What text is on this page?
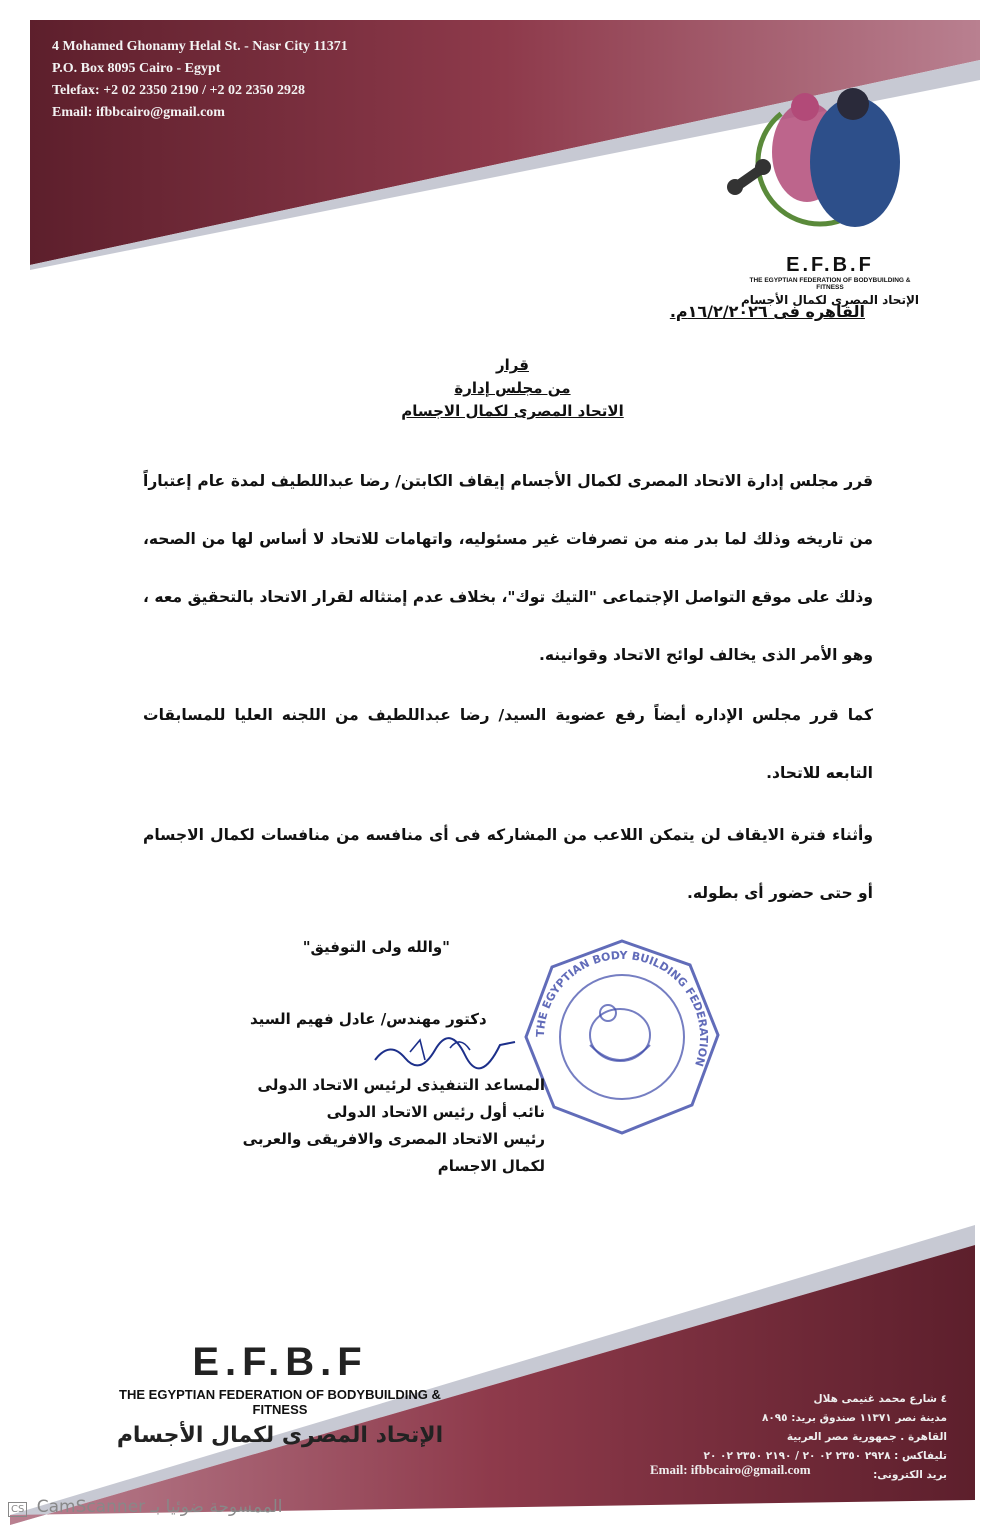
4 Mohamed Ghonamy Helal St. - Nasr City 11371
P.O. Box 8095 Cairo - Egypt
Telefax: +2 02 2350 2190 / +2 02 2350 2928
Email: ifbbcairo@gmail.com
E.F.B.F
THE EGYPTIAN FEDERATION OF BODYBUILDING & FITNESS
الإتحاد المصرى لكمال الأجسام
القاهره فى ١٦/٢/٢٠٢٦م.
قرار
من مجلس إدارة
الاتحاد المصرى لكمال الاجسام
قرر مجلس إدارة الاتحاد المصرى لكمال الأجسام إيقاف الكابتن/ رضا عبداللطيف لمدة عام إعتباراً من تاريخه وذلك لما بدر منه من تصرفات غير مسئوليه، واتهامات للاتحاد لا أساس لها من الصحه، وذلك على موقع التواصل الإجتماعى "التيك توك"، بخلاف عدم إمتثاله لقرار الاتحاد بالتحقيق معه ، وهو الأمر الذى يخالف لوائح الاتحاد وقوانينه.
كما قرر مجلس الإداره أيضاً رفع عضوية السيد/ رضا عبداللطيف من اللجنه العليا للمسابقات التابعه للاتحاد.
وأثناء فترة الايقاف لن يتمكن اللاعب من المشاركه فى أى منافسه من منافسات لكمال الاجسام أو حتى حضور أى بطوله.
"والله ولى التوفيق"
THE EGYPTIAN BODY BUILDING FEDERATION
دكتور مهندس/ عادل فهيم السيد
المساعد التنفيذى لرئيس الاتحاد الدولى
نائب أول رئيس الاتحاد الدولى
رئيس الاتحاد المصرى والافريقى والعربى
لكمال الاجسام
E.F.B.F
THE EGYPTIAN FEDERATION OF BODYBUILDING & FITNESS
الإتحاد المصرى لكمال الأجسام
٤ شارع محمد غنيمى هلال
مدينة نصر ١١٣٧١ صندوق بريد: ٨٠٩٥
القاهرة . جمهورية مصر العربية
تليفاكس : ٢٩٢٨ ٢٣٥٠ ٠٢ ٢٠ / ٢١٩٠ ٢٣٥٠ ٠٢ ٢٠
بريد الكترونى:
Email: ifbbcairo@gmail.com
الممسوحة ضوئيا بـ CamScanner CS
